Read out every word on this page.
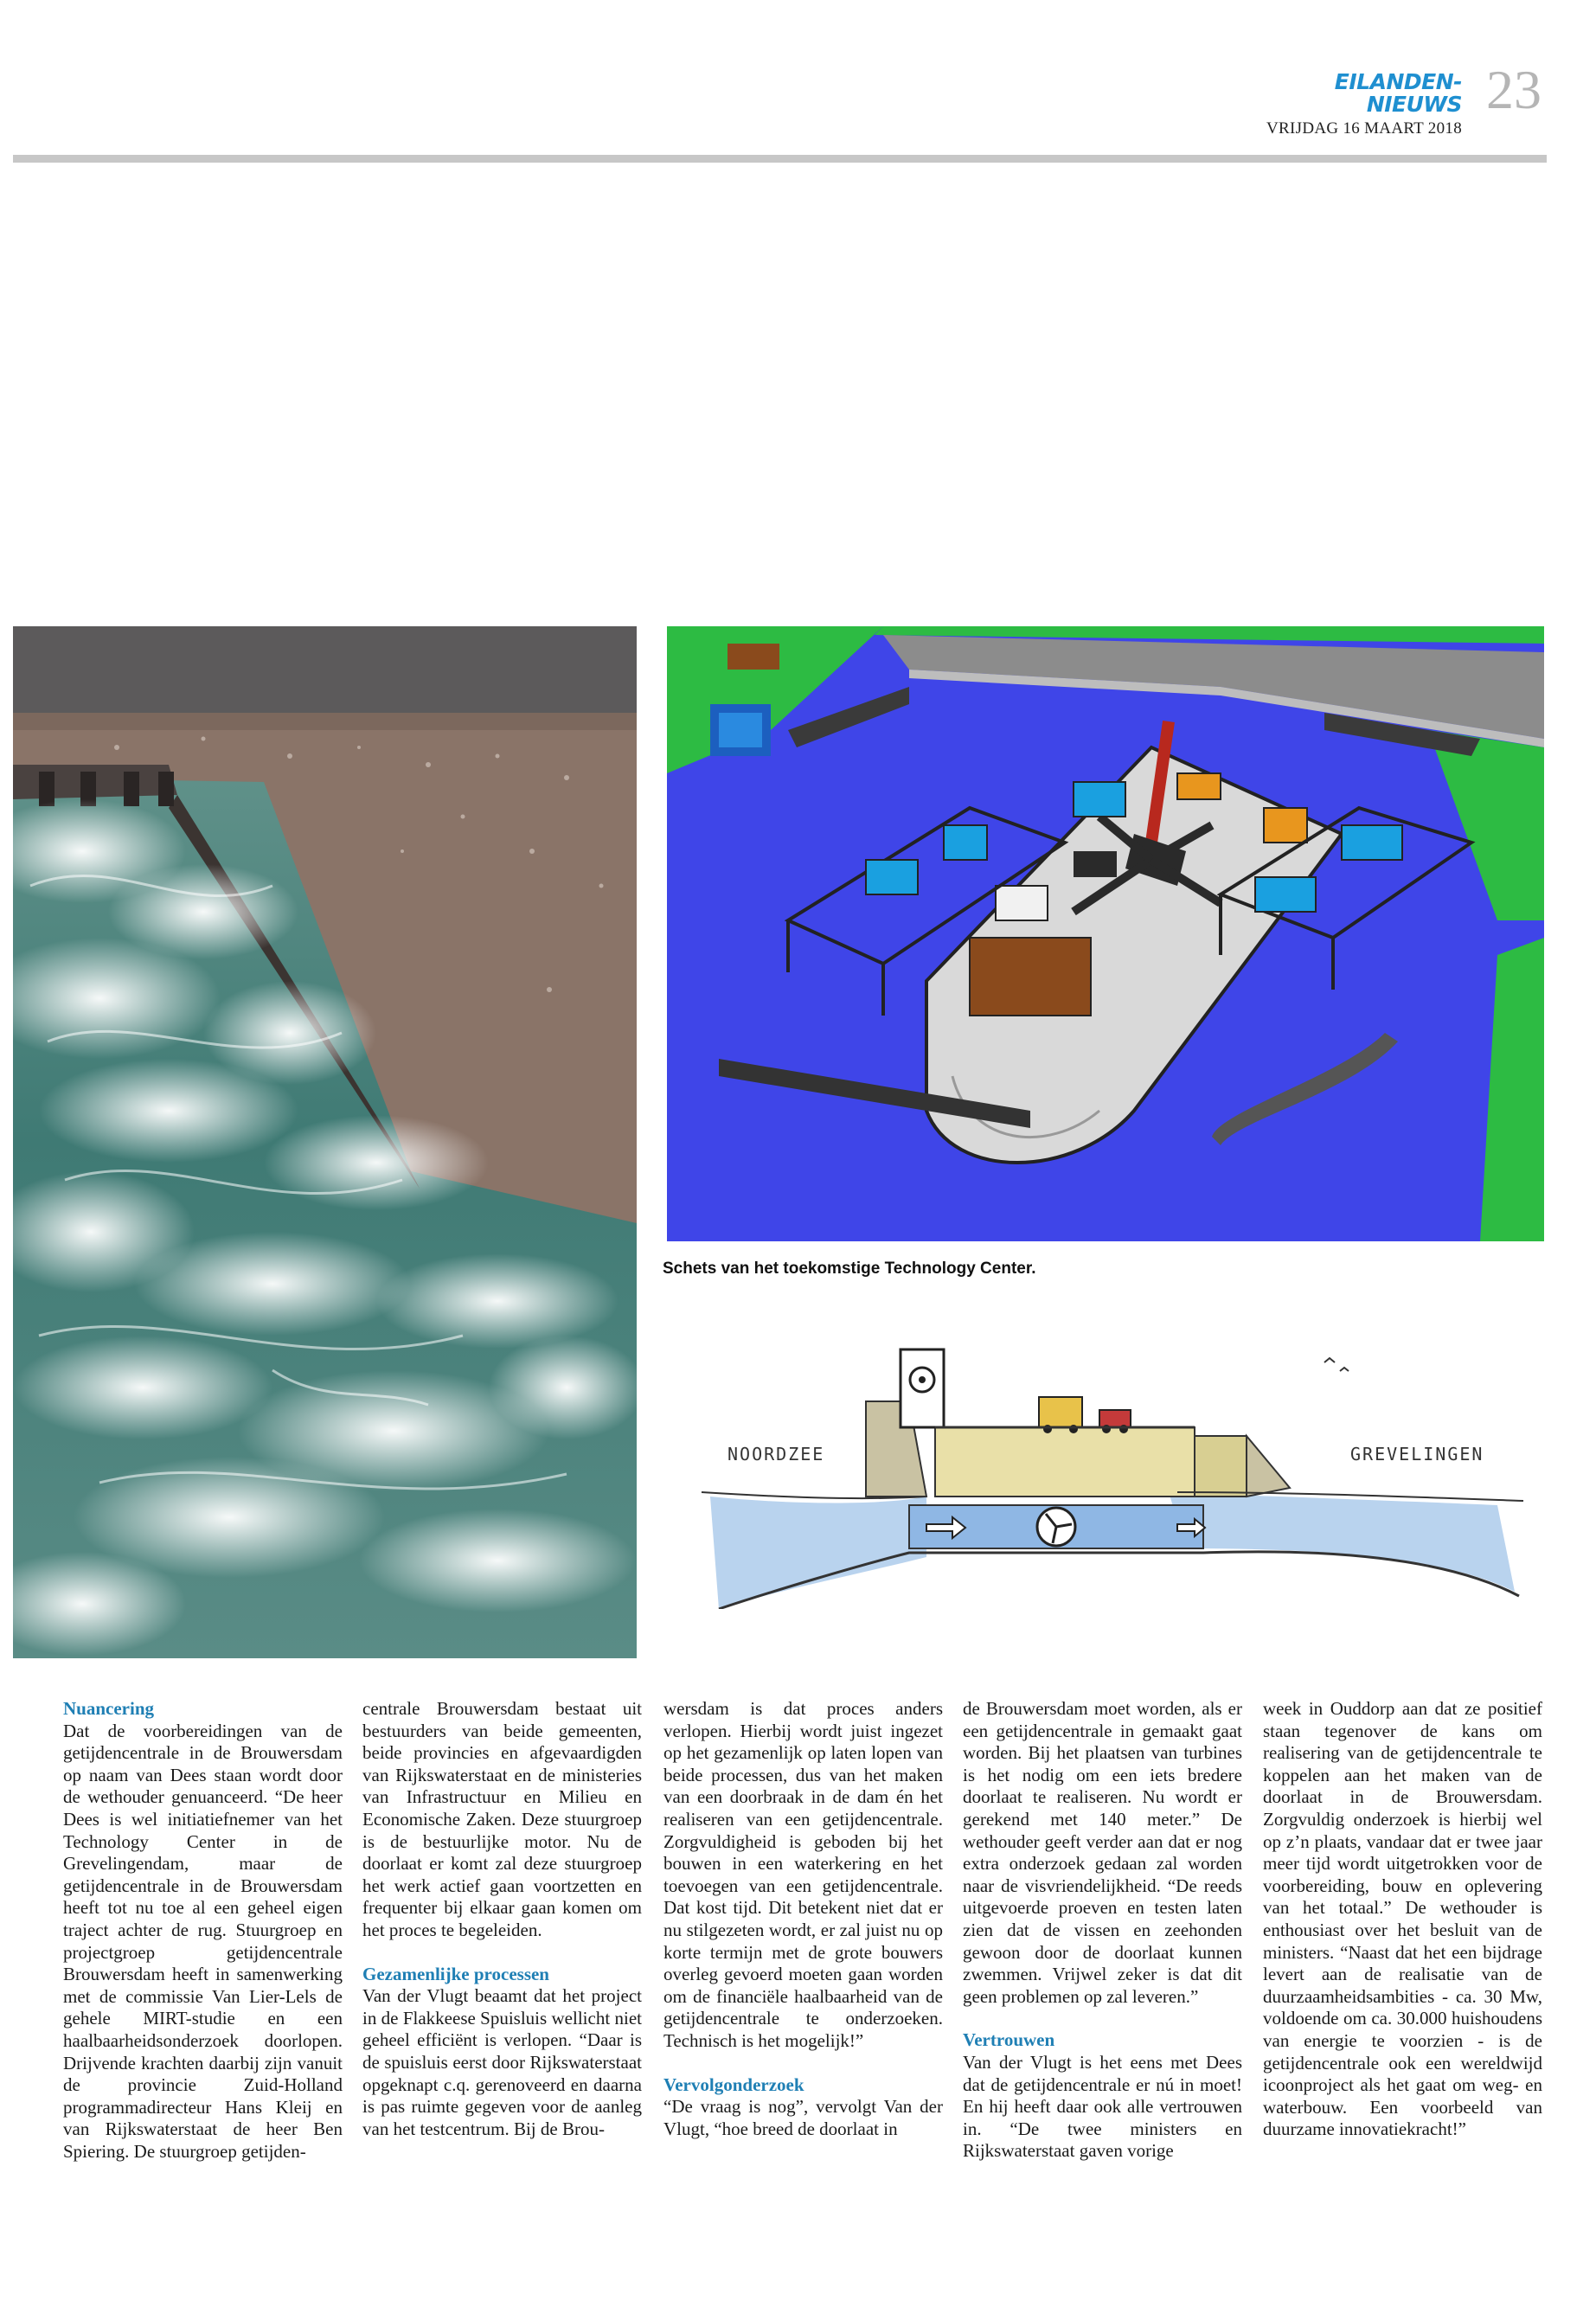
EILANDEN-NIEUWS
VRIJDAG 16 MAART 2018
23
Schets van het toekomstige Technology Center.
NOORDZEE	GREVELINGEN
Nuancering

Dat de voorbereidingen van de getijdencentrale in de Brouwersdam op naam van Dees staan wordt door de wethouder genuanceerd. “De heer Dees is wel initiatiefnemer van het Technology Center in de Grevelingendam, maar de getijdencentrale in de Brouwersdam heeft tot nu toe al een geheel eigen traject achter de rug. Stuurgroep en projectgroep getijdencentrale Brouwersdam heeft in samenwerking met de commissie Van Lier-Lels de gehele MIRT-studie en een haalbaarheidsonderzoek doorlopen. Drijvende krachten daarbij zijn vanuit de provincie Zuid-Holland programmadirecteur Hans Kleij en van Rijkswaterstaat de heer Ben Spiering. De stuurgroep getijden-

centrale Brouwersdam bestaat uit bestuurders van beide gemeenten, beide provincies en afgevaardigden van Rijkswaterstaat en de ministeries van Infrastructuur en Milieu en Economische Zaken. Deze stuurgroep is de bestuurlijke motor. Nu de doorlaat er komt zal deze stuurgroep het werk actief gaan voortzetten en frequenter bij elkaar gaan komen om het proces te begeleiden.

Gezamenlijke processen

Van der Vlugt beaamt dat het project in de Flakkeese Spuisluis wellicht niet geheel efficiënt is verlopen. “Daar is de spuisluis eerst door Rijkswaterstaat opgeknapt c.q. gerenoveerd en daarna is pas ruimte gegeven voor de aanleg van het testcentrum. Bij de Brou-

wersdam is dat proces anders verlopen. Hierbij wordt juist ingezet op het gezamenlijk op laten lopen van beide processen, dus van het maken van een doorbraak in de dam én het realiseren van een getijdencentrale. Zorgvuldigheid is geboden bij het bouwen in een waterkering en het toevoegen van een getijdencentrale. Dat kost tijd. Dit betekent niet dat er nu stilgezeten wordt, er zal juist nu op korte termijn met de grote bouwers overleg gevoerd moeten gaan worden om de financiële haalbaarheid van de getijdencentrale te onderzoeken. Technisch is het mogelijk!”

Vervolgonderzoek

“De vraag is nog”, vervolgt Van der Vlugt, “hoe breed de doorlaat in

de Brouwersdam moet worden, als er een getijdencentrale in gemaakt gaat worden. Bij het plaatsen van turbines is het nodig om een iets bredere doorlaat te realiseren. Nu wordt er gerekend met 140 meter.” De wethouder geeft verder aan dat er nog extra onderzoek gedaan zal worden naar de visvriendelijkheid. “De reeds uitgevoerde proeven en testen laten zien dat de vissen en zeehonden gewoon door de doorlaat kunnen zwemmen. Vrijwel zeker is dat dit geen problemen op zal leveren.”

Vertrouwen

Van der Vlugt is het eens met Dees dat de getijdencentrale er nú in moet! En hij heeft daar ook alle vertrouwen in. “De twee ministers en Rijkswaterstaat gaven vorige

week in Ouddorp aan dat ze positief staan tegenover de kans om realisering van de getijdencentrale te koppelen aan het maken van de doorlaat in de Brouwersdam. Zorgvuldig onderzoek is hierbij wel op z’n plaats, vandaar dat er twee jaar meer tijd wordt uitgetrokken voor de voorbereiding, bouw en oplevering van het totaal.” De wethouder is enthousiast over het besluit van de ministers. “Naast dat het een bijdrage levert aan de realisatie van de duurzaamheidsambities - ca. 30 Mw, voldoende om ca. 30.000 huishoudens van energie te voorzien - is de getijdencentrale ook een wereldwijd icoonproject als het gaat om weg- en waterbouw. Een voorbeeld van duurzame innovatiekracht!”
